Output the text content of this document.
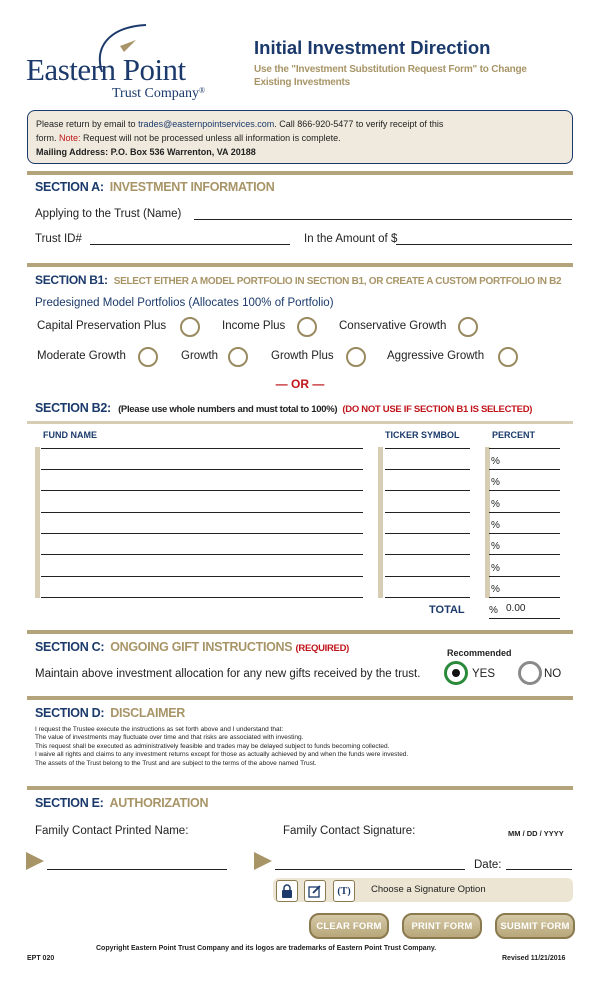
Eastern Point
Trust Company®
Initial Investment Direction
Use the "Investment Substitution Request Form" to Change Existing Investments
Please return by email to trades@easternpointservices.com. Call 866-920-5477 to verify receipt of this
form. Note: Request will not be processed unless all information is complete.
Mailing Address: P.O. Box 536 Warrenton, VA 20188
SECTION A: INVESTMENT INFORMATION
Applying to the Trust (Name)
Trust ID#	In the Amount of $
SECTION B1: SELECT EITHER A MODEL PORTFOLIO IN SECTION B1, OR CREATE A CUSTOM PORTFOLIO IN B2
Predesigned Model Portfolios (Allocates 100% of Portfolio)
Capital Preservation Plus	Income Plus	Conservative Growth
Moderate Growth	Growth	Growth Plus	Aggressive Growth
— OR —
SECTION B2: (Please use whole numbers and must total to 100%) (DO NOT USE IF SECTION B1 IS SELECTED)
FUND NAME	TICKER SYMBOL	PERCENT
%
%
%
%
%
%
%
TOTAL % 0.00
SECTION C: ONGOING GIFT INSTRUCTIONS (REQUIRED)	Recommended
Maintain above investment allocation for any new gifts received by the trust.	YES	NO
SECTION D: DISCLAIMER
I request the Trustee execute the instructions as set forth above and I understand that:
The value of investments may fluctuate over time and that risks are associated with investing.
This request shall be executed as administratively feasible and trades may be delayed subject to funds becoming collected.
I waive all rights and claims to any investment returns except for those as actually achieved by and when the funds were invested.
The assets of the Trust belong to the Trust and are subject to the terms of the above named Trust.
SECTION E: AUTHORIZATION
Family Contact Printed Name:	Family Contact Signature:	MM / DD / YYYY
Date:
(T)	Choose a Signature Option
CLEAR FORM	PRINT FORM	SUBMIT FORM
Copyright Eastern Point Trust Company and its logos are trademarks of Eastern Point Trust Company.
EPT 020	Revised 11/21/2016
